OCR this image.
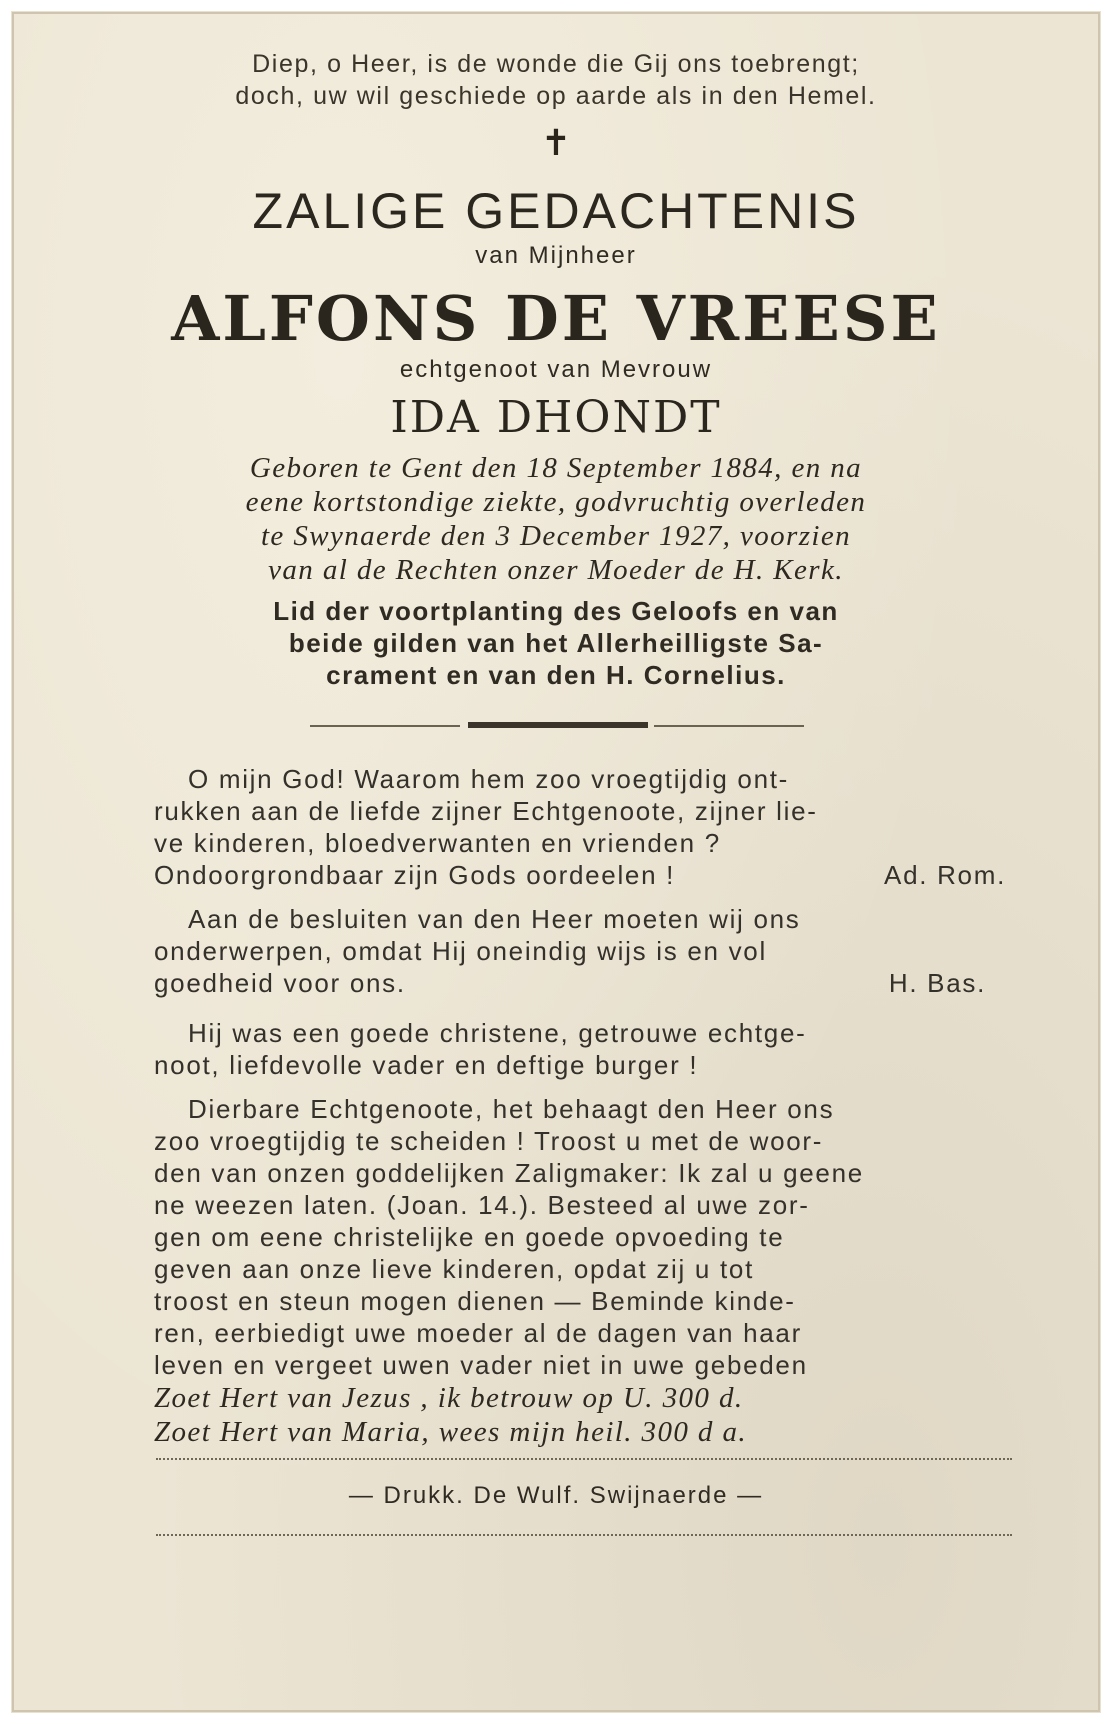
Diep, o Heer, is de wonde die Gij ons toebrengt;
doch, uw wil geschiede op aarde als in den Hemel.
✝
ZALIGE GEDACHTENIS
van Mijnheer
ALFONS DE VREESE
echtgenoot van Mevrouw
IDA DHONDT
Geboren te Gent den 18 September 1884, en na
eene kortstondige ziekte, godvruchtig overleden
te Swynaerde den 3 December 1927, voorzien
van al de Rechten onzer Moeder de H. Kerk.
Lid der voortplanting des Geloofs en van
beide gilden van het Allerheilligste Sa-
crament en van den H. Cornelius.
O mijn God! Waarom hem zoo vroegtijdig ont-
rukken aan de liefde zijner Echtgenoote, zijner lie-
ve kinderen, bloedverwanten en vrienden ?
Ondoorgrondbaar zijn Gods oordeelen !	Ad. Rom.
Aan de besluiten van den Heer moeten wij ons
onderwerpen, omdat Hij oneindig wijs is en vol
goedheid voor ons.	H. Bas.
Hij was een goede christene, getrouwe echtge-
noot, liefdevolle vader en deftige burger !
Dierbare Echtgenoote, het behaagt den Heer ons
zoo vroegtijdig te scheiden ! Troost u met de woor-
den van onzen goddelijken Zaligmaker: Ik zal u geene
ne weezen laten. (Joan. 14.). Besteed al uwe zor-
gen om eene christelijke en goede opvoeding te
geven aan onze lieve kinderen, opdat zij u tot
troost en steun mogen dienen — Beminde kinde-
ren, eerbiedigt uwe moeder al de dagen van haar
leven en vergeet uwen vader niet in uwe gebeden
Zoet Hert van Jezus , ik betrouw op U. 300 d.
Zoet Hert van Maria, wees mijn heil. 300 d a.
— Drukk. De Wulf. Swijnaerde —
